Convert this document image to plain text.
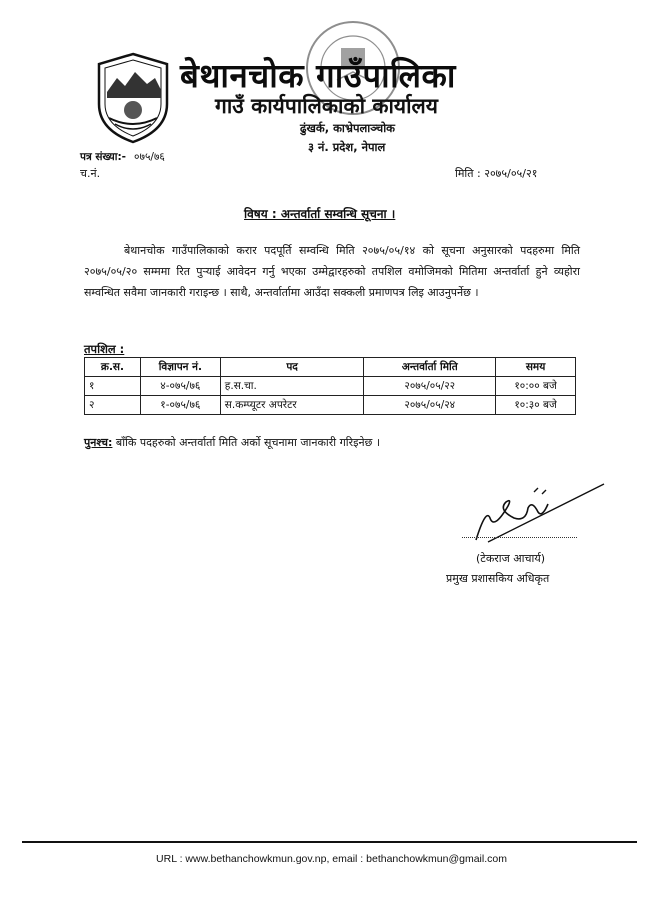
बेथानचोक गाउँपालिका
गाउँ कार्यपालिकाको कार्यालय
ढुंखर्क, काभ्रेपलाञ्चोक
३ नं. प्रदेश, नेपाल
पत्र संख्या:- ०७५/७६
च.नं.	मिति : २०७५/०५/२१
विषय : अन्तर्वार्ता सम्वन्धि सूचना ।
बेथानचोक गाउँपालिकाको करार पदपूर्ति सम्वन्धि मिति २०७५/०५/१४ को सूचना अनुसारको पदहरुमा मिति २०७५/०५/२० सम्ममा रित पुर्‍याई आवेदन गर्नु भएका उम्मेद्वारहरुको तपशिल वमोजिमको मितिमा अन्तर्वार्ता हुने व्यहोरा सम्वन्धित सवैमा जानकारी गराइन्छ । साथै, अन्तर्वार्तामा आउँदा सक्कली प्रमाणपत्र लिइ आउनुपर्नेछ ।
तपशिल :
क्र.स.	विज्ञापन नं.	पद	अन्तर्वार्ता मिति	समय
१	४-०७५/७६	ह.स.चा.	२०७५/०५/२२	१०:०० बजे
२	१-०७५/७६	स.कम्प्यूटर अपरेटर	२०७५/०५/२४	१०:३० बजे
पुनश्च: बाँकि पदहरुको अन्तर्वार्ता मिति अर्को सूचनामा जानकारी गरिइनेछ ।
(टेकराज आचार्य)
प्रमुख प्रशासकिय अधिकृत
URL : www.bethanchowkmun.gov.np, email : bethanchowkmun@gmail.com
